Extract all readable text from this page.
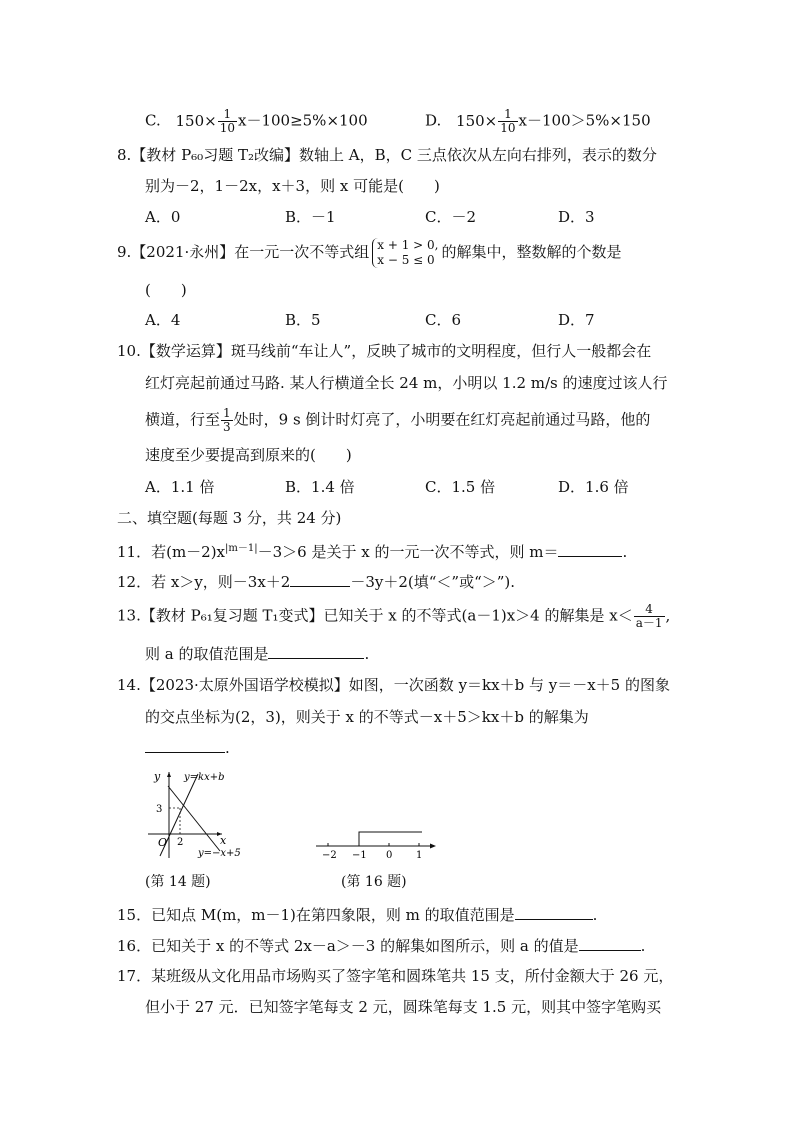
C. $150\times \frac{1}{10} x-100\ge 5\%\times 100$	D. $150\times \frac{1}{10} x-100>5\%\times 150$
8.【教材 P₆₀习题 T₂改编】数轴上 A，B，C 三点依次从左向右排列，表示的数分
别为－2，1－2x，x＋3，则 x 可能是(　　)
A．0	B．－1	C．－2	D．3
9.【2021·永州】在一元一次不等式组 x + 1 > 0,
x − 5 ≤ 0 的解集中，整数解的个数是
(　　)
A．4	B．5	C．6	D．7
10.【数学运算】斑马线前“车让人”，反映了城市的文明程度，但行人一般都会在
红灯亮起前通过马路. 某人行横道全长 24 m，小明以 1.2 m/s 的速度过该人行
横道，行至 $\frac{1}{3}$ 处时，9 s 倒计时灯亮了，小明要在红灯亮起前通过马路，他的
速度至少要提高到原来的(　　)
A．1.1 倍	B．1.4 倍	C．1.5 倍	D．1.6 倍
二、填空题(每题 3 分，共 24 分)
11．若$(m-2)x^{|m-1|}-3>6$ 是关于 x 的一元一次不等式，则 m＝	.
12．若 x＞y，则－3x＋2	－3y＋2(填“＜”或“＞”).
13.【教材 P₆₁复习题 T₁变式】已知关于 x 的不等式(a－1)x＞4 的解集是 $x< \frac{4}{a-1}$ ,
则 a 的取值范围是	.
14.【2023·太原外国语学校模拟】如图，一次函数 y＝kx＋b 与 y＝－x＋5 的图象
的交点坐标为(2，3)，则关于 x 的不等式－x＋5＞kx＋b 的解集为
.
y
x
y=kx+b
y=−x+5
3
2
O
(第 14 题)
−2 −1 0 1
(第 16 题)
15．已知点 M(m，m－1)在第四象限，则 m 的取值范围是	.
16．已知关于 x 的不等式 2x－a＞－3 的解集如图所示，则 a 的值是	.
17．某班级从文化用品市场购买了签字笔和圆珠笔共 15 支，所付金额大于 26 元，
但小于 27 元．已知签字笔每支 2 元，圆珠笔每支 1.5 元，则其中签字笔购买
